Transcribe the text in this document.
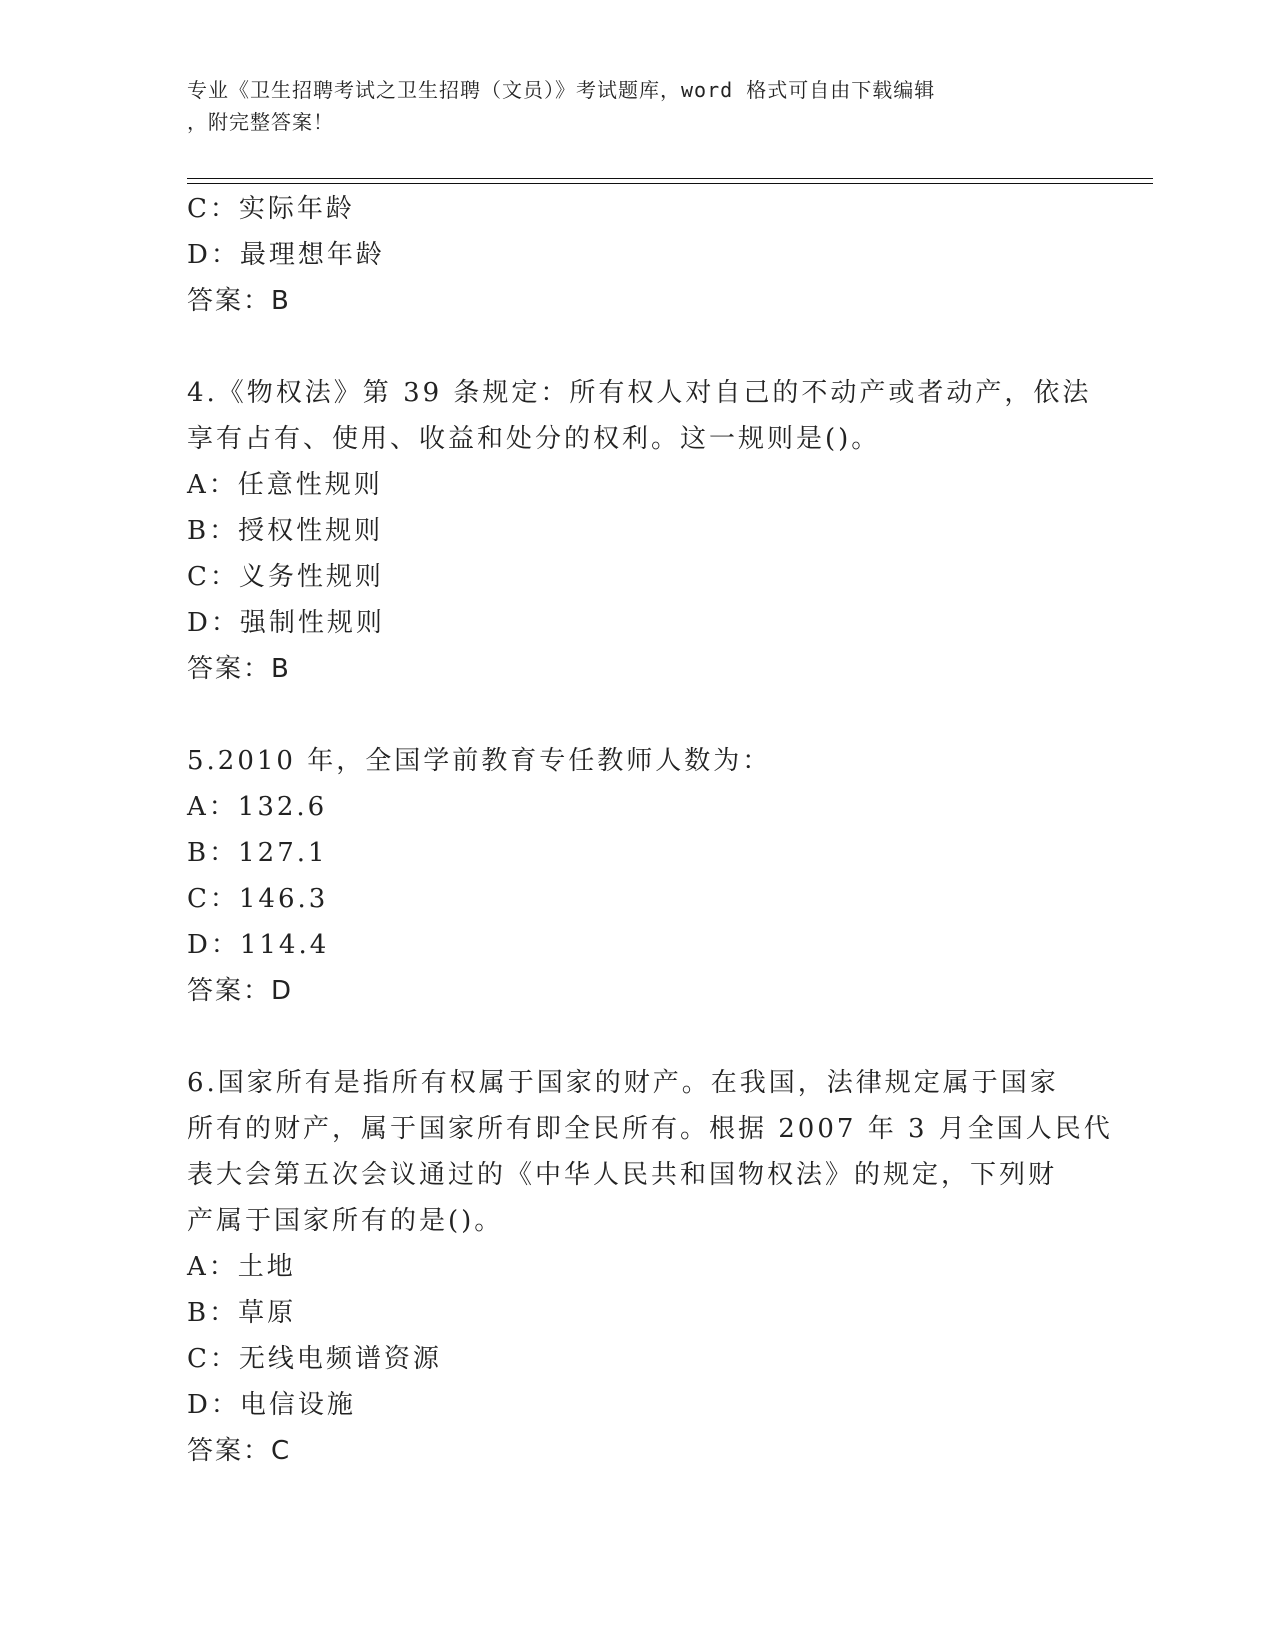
专业《卫生招聘考试之卫生招聘（文员）》考试题库，word 格式可自由下载编辑
，附完整答案！
C：实际年龄
D：最理想年龄
答案：B
4.《物权法》第 39 条规定：所有权人对自己的不动产或者动产，依法
享有占有、使用、收益和处分的权利。这一规则是()。
A：任意性规则
B：授权性规则
C：义务性规则
D：强制性规则
答案：B
5.2010 年，全国学前教育专任教师人数为：
A：132.6
B：127.1
C：146.3
D：114.4
答案：D
6.国家所有是指所有权属于国家的财产。在我国，法律规定属于国家
所有的财产，属于国家所有即全民所有。根据 2007 年 3 月全国人民代
表大会第五次会议通过的《中华人民共和国物权法》的规定，下列财
产属于国家所有的是()。
A：土地
B：草原
C：无线电频谱资源
D：电信设施
答案：C
